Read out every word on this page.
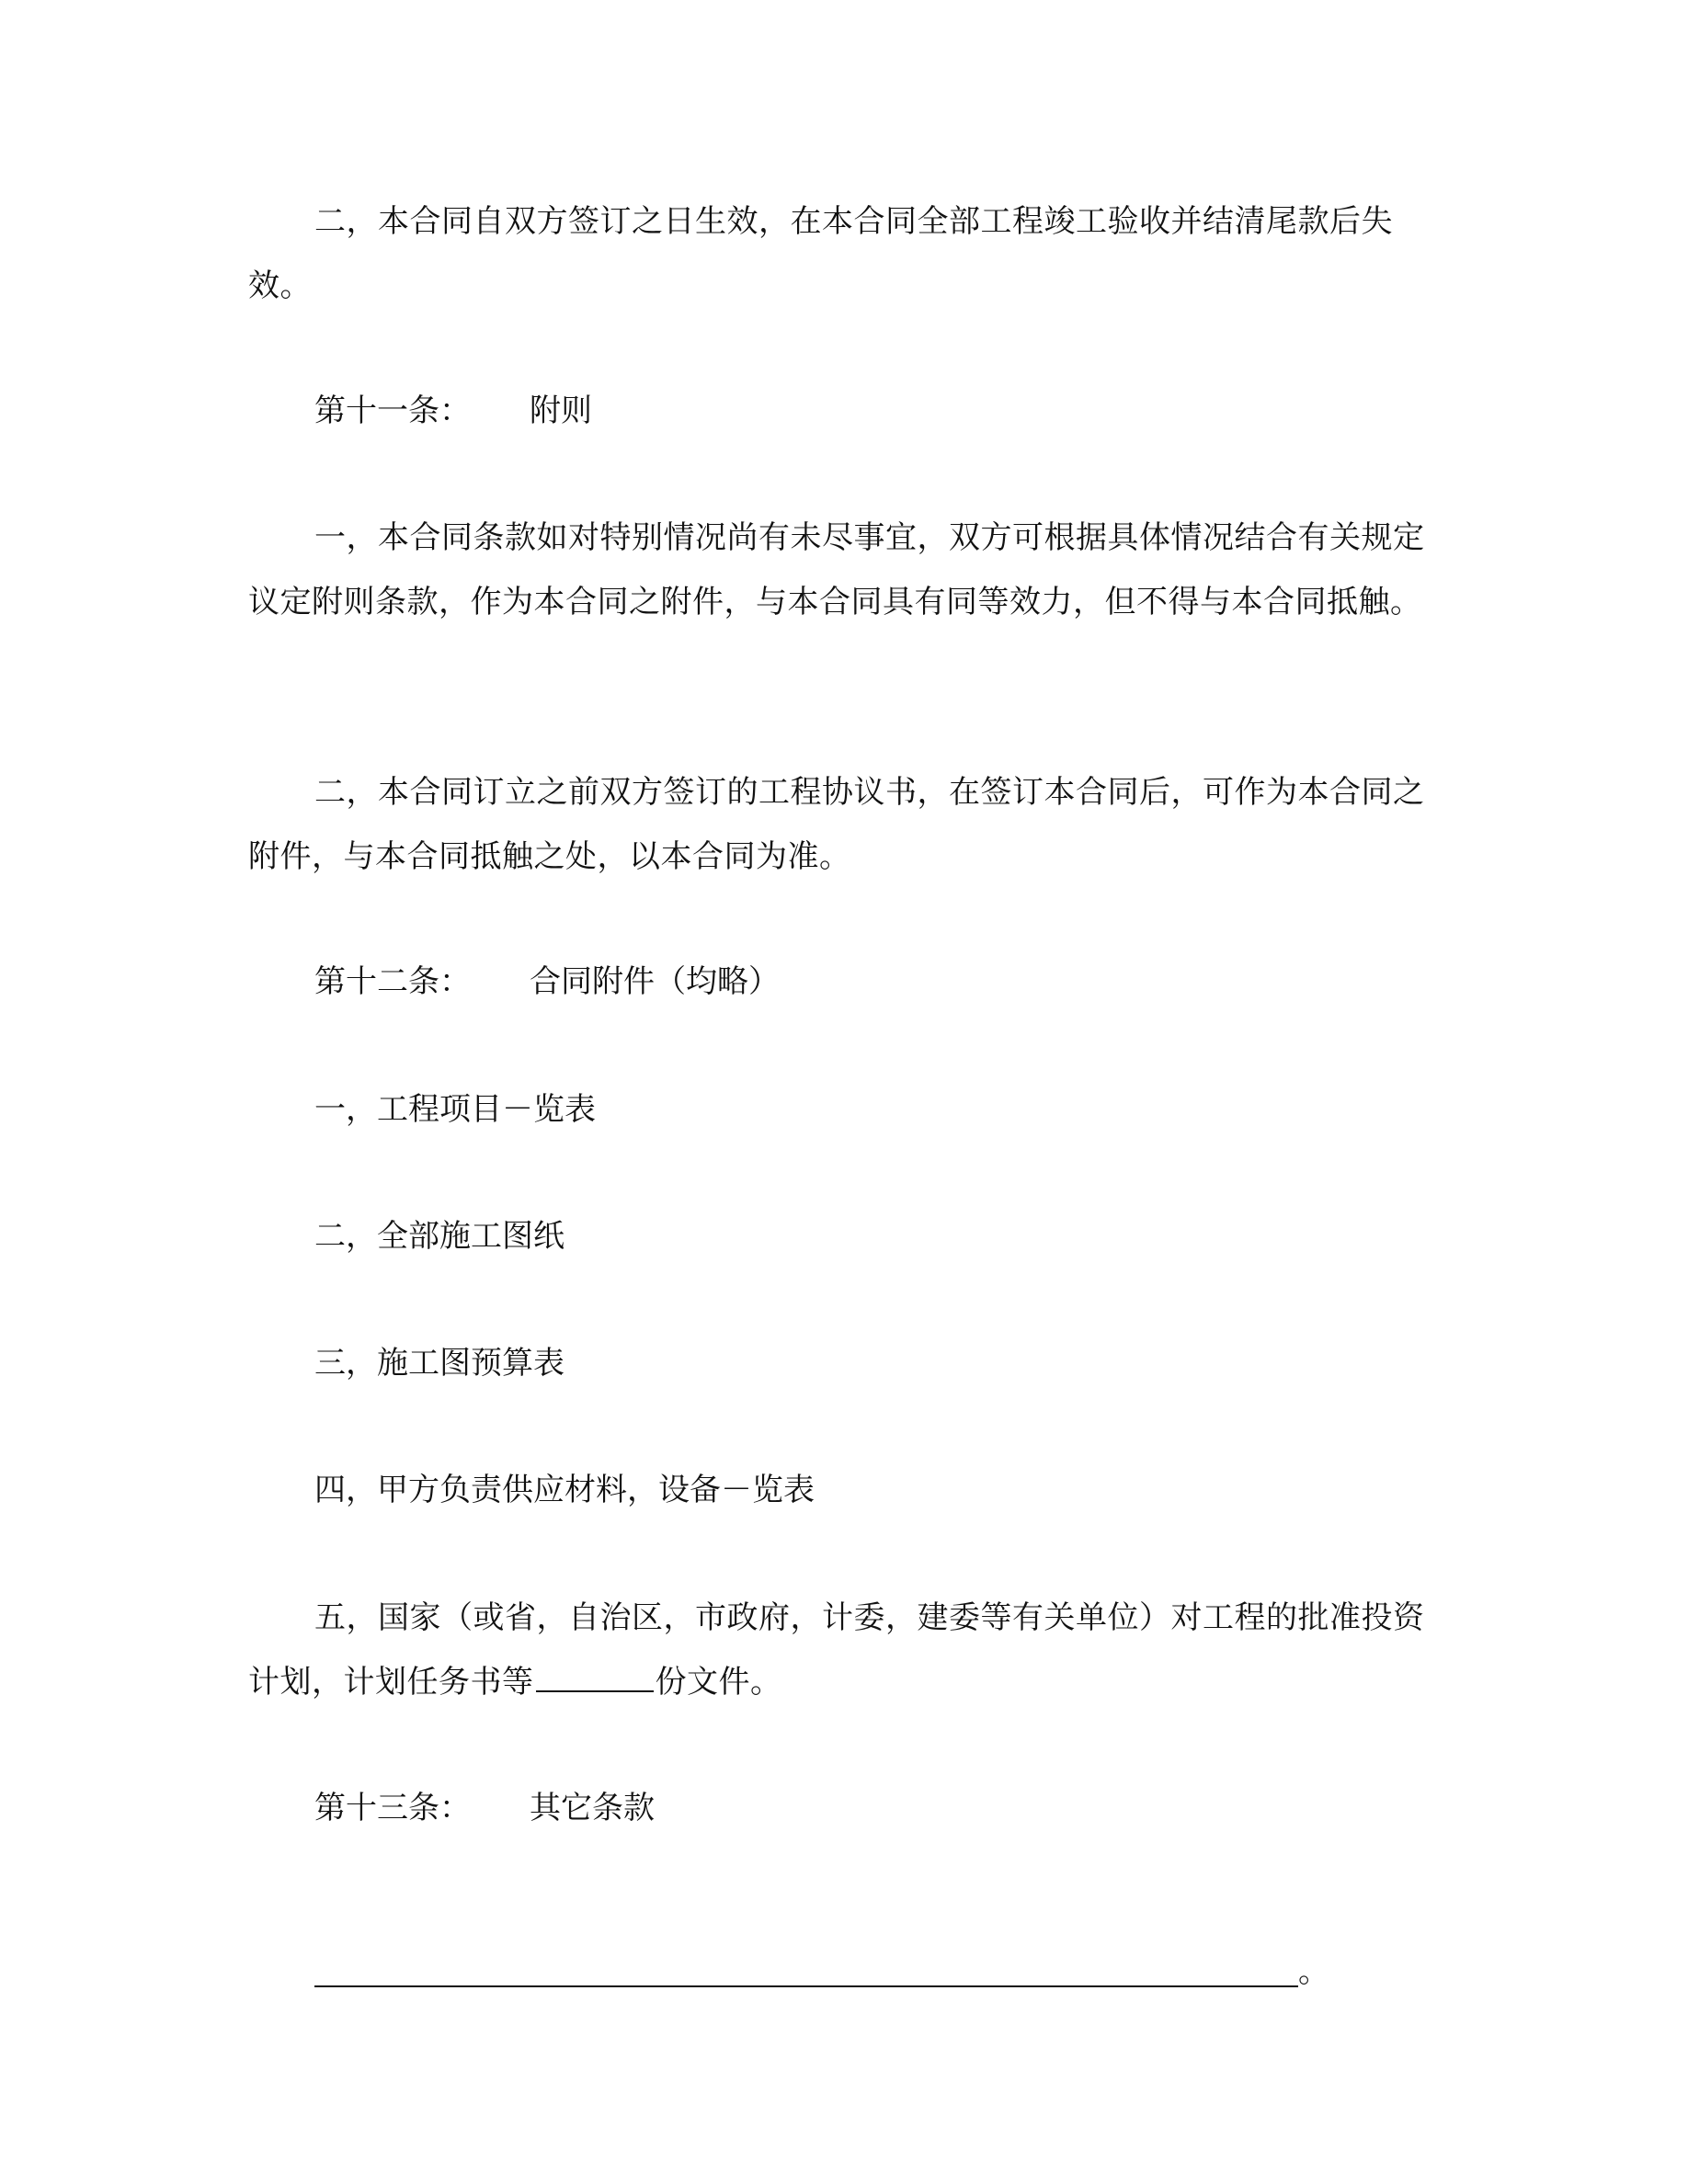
二，本合同自双方签订之日生效，在本合同全部工程竣工验收并结清尾款后失效。
第十一条： 附则
一，本合同条款如对特别情况尚有未尽事宜，双方可根据具体情况结合有关规定议定附则条款，作为本合同之附件，与本合同具有同等效力，但不得与本合同抵触。
二，本合同订立之前双方签订的工程协议书，在签订本合同后，可作为本合同之附件，与本合同抵触之处，以本合同为准。
第十二条： 合同附件（均略）
一，工程项目－览表
二，全部施工图纸
三，施工图预算表
四，甲方负责供应材料，设备－览表
五，国家（或省，自治区，市政府，计委，建委等有关单位）对工程的批准投资计划，计划任务书等	份文件。
第十三条： 其它条款
。
